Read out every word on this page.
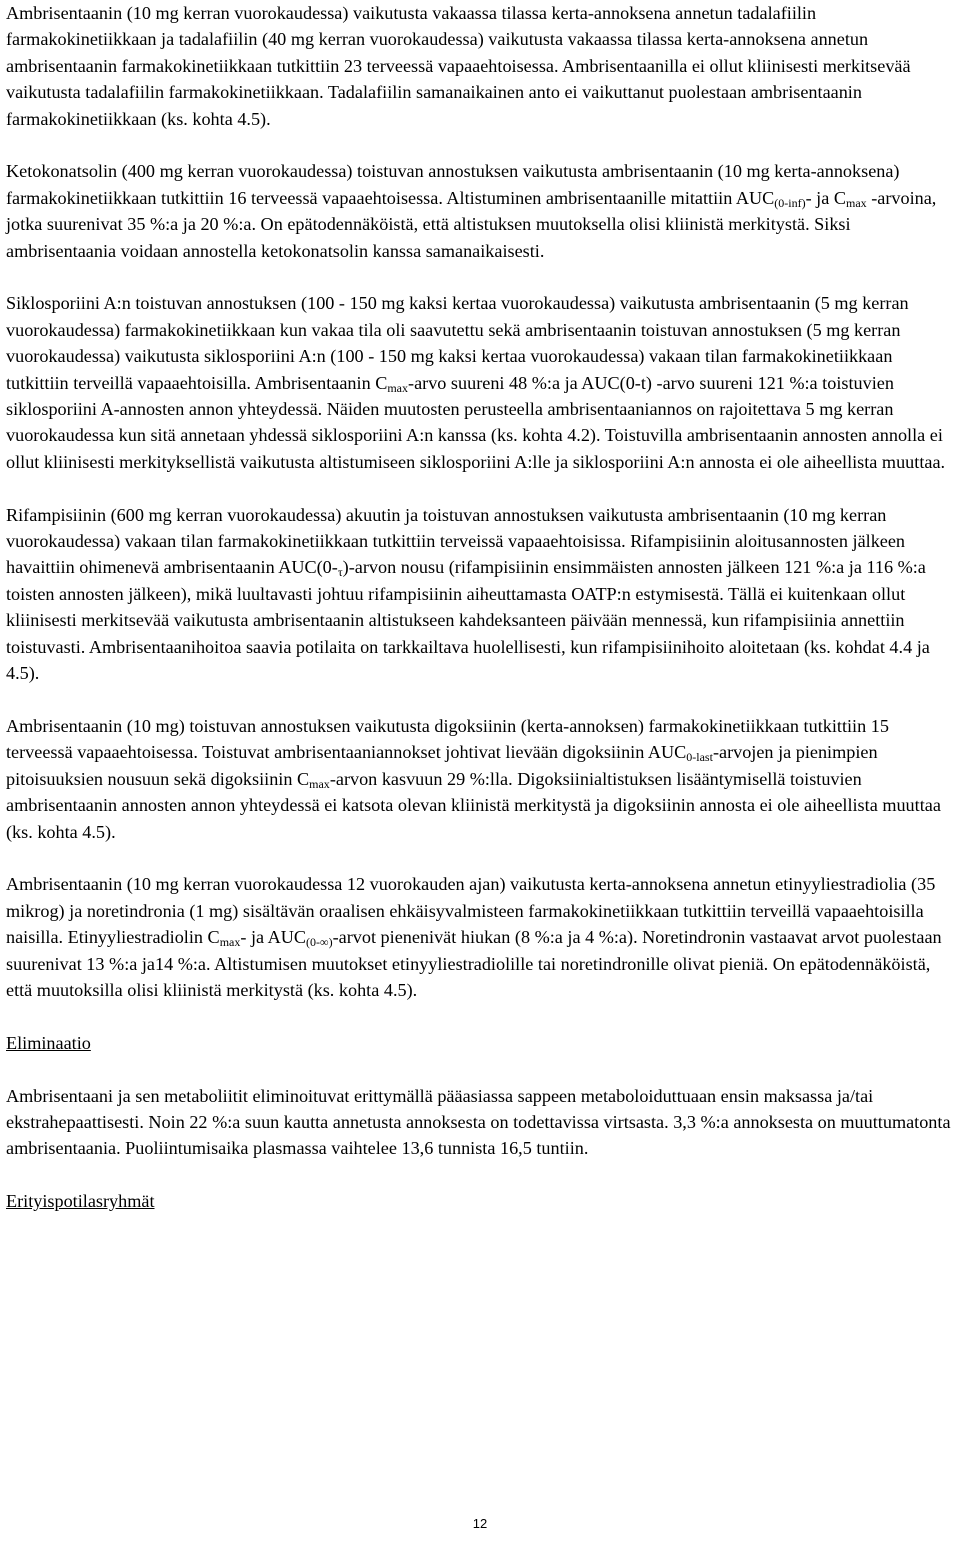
Ambrisentaanin (10 mg kerran vuorokaudessa) vaikutusta vakaassa tilassa kerta-annoksena annetun tadalafiilin farmakokinetiikkaan ja tadalafiilin (40 mg kerran vuorokaudessa) vaikutusta vakaassa tilassa kerta-annoksena annetun ambrisentaanin farmakokinetiikkaan tutkittiin 23 terveessä vapaaehtoisessa. Ambrisentaanilla ei ollut kliinisesti merkitsevää vaikutusta tadalafiilin farmakokinetiikkaan. Tadalafiilin samanaikainen anto ei vaikuttanut puolestaan ambrisentaanin farmakokinetiikkaan (ks. kohta 4.5).

Ketokonatsolin (400 mg kerran vuorokaudessa) toistuvan annostuksen vaikutusta ambrisentaanin (10 mg kerta-annoksena) farmakokinetiikkaan tutkittiin 16 terveessä vapaaehtoisessa. Altistuminen ambrisentaanille mitattiin $AUC_{(0-inf)}-$ ja $C_{max}$ -arvoina, jotka suurenivat 35 %:a ja 20 %:a. On epätodennäköistä, että altistuksen muutoksella olisi kliinistä merkitystä. Siksi ambrisentaania voidaan annostella ketokonatsolin kanssa samanaikaisesti.

Siklosporiini A:n toistuvan annostuksen (100 - 150 mg kaksi kertaa vuorokaudessa) vaikutusta ambrisentaanin (5 mg kerran vuorokaudessa) farmakokinetiikkaan kun vakaa tila oli saavutettu sekä ambrisentaanin toistuvan annostuksen (5 mg kerran vuorokaudessa) vaikutusta siklosporiini A:n (100 - 150 mg kaksi kertaa vuorokaudessa) vakaan tilan farmakokinetiikkaan tutkittiin terveillä vapaaehtoisilla. Ambrisentaanin $C_{max}$-arvo suureni 48 %:a ja AUC(0-t) -arvo suureni 121 %:a toistuvien siklosporiini A-annosten annon yhteydessä. Näiden muutosten perusteella ambrisentaaniannos on rajoitettava 5 mg kerran vuorokaudessa kun sitä annetaan yhdessä siklosporiini A:n kanssa (ks. kohta 4.2). Toistuvilla ambrisentaanin annosten annolla ei ollut kliinisesti merkityksellistä vaikutusta altistumiseen siklosporiini A:lle ja siklosporiini A:n annosta ei ole aiheellista muuttaa.

Rifampisiinin (600 mg kerran vuorokaudessa) akuutin ja toistuvan annostuksen vaikutusta ambrisentaanin (10 mg kerran vuorokaudessa) vakaan tilan farmakokinetiikkaan tutkittiin terveissä vapaaehtoisissa. Rifampisiinin aloitusannosten jälkeen havaittiin ohimenevä ambrisentaanin $AUC(0-_\tau)$-arvon nousu (rifampisiinin ensimmäisten annosten jälkeen 121 %:a ja 116 %:a toisten annosten jälkeen), mikä luultavasti johtuu rifampisiinin aiheuttamasta OATP:n estymisestä. Tällä ei kuitenkaan ollut kliinisesti merkitsevää vaikutusta ambrisentaanin altistukseen kahdeksanteen päivään mennessä, kun rifampisiinia annettiin toistuvasti. Ambrisentaanihoitoa saavia potilaita on tarkkailtava huolellisesti, kun rifampisiinihoito aloitetaan (ks. kohdat 4.4 ja 4.5).

Ambrisentaanin (10 mg) toistuvan annostuksen vaikutusta digoksiinin (kerta-annoksen) farmakokinetiikkaan tutkittiin 15 terveessä vapaaehtoisessa. Toistuvat ambrisentaaniannokset johtivat lievään digoksiinin $AUC_{0-last}$-arvojen ja pienimpien pitoisuuksien nousuun sekä digoksiinin $C_{max}$-arvon kasvuun 29 %:lla. Digoksiinialtistuksen lisääntymisellä toistuvien ambrisentaanin annosten annon yhteydessä ei katsota olevan kliinistä merkitystä ja digoksiinin annosta ei ole aiheellista muuttaa (ks. kohta 4.5).

Ambrisentaanin (10 mg kerran vuorokaudessa 12 vuorokauden ajan) vaikutusta kerta-annoksena annetun etinyyliestradiolia (35 mikrog) ja noretindronia (1 mg) sisältävän oraalisen ehkäisyvalmisteen farmakokinetiikkaan tutkittiin terveillä vapaaehtoisilla naisilla. Etinyyliestradiolin $C_{max}-$ ja $AUC_{(0-\infty)}$-arvot pienenivät hiukan (8 %:a ja 4 %:a). Noretindronin vastaavat arvot puolestaan suurenivat 13 %:a ja14 %:a. Altistumisen muutokset etinyyliestradiolille tai noretindronille olivat pieniä. On epätodennäköistä, että muutoksilla olisi kliinistä merkitystä (ks. kohta 4.5).

Eliminaatio

Ambrisentaani ja sen metaboliitit eliminoituvat erittymällä pääasiassa sappeen metaboloiduttuaan ensin maksassa ja/tai ekstrahepaattisesti. Noin 22 %:a suun kautta annetusta annoksesta on todettavissa virtsasta. 3,3 %:a annoksesta on muuttumatonta ambrisentaania. Puoliintumisaika plasmassa vaihtelee 13,6 tunnista 16,5 tuntiin.

Erityispotilasryhmät

12
